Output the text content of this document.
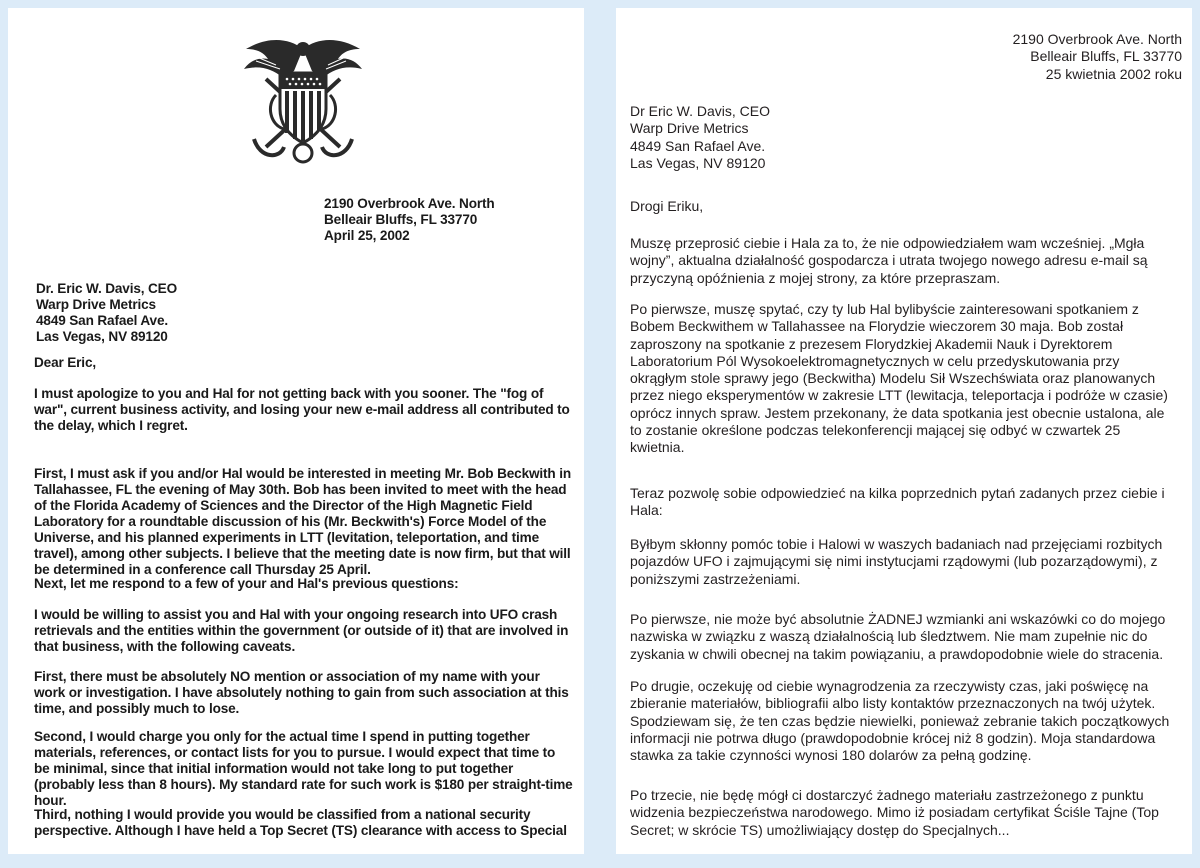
2190 Overbrook Ave. North
Belleair Bluffs, FL 33770
April 25, 2002
Dr. Eric W. Davis, CEO
Warp Drive Metrics
4849 San Rafael Ave.
Las Vegas, NV 89120

Dear Eric,

I must apologize to you and Hal for not getting back with you sooner. The "fog of war", current business activity, and losing your new e-mail address all contributed to the delay, which I regret.

First, I must ask if you and/or Hal would be interested in meeting Mr. Bob Beckwith in Tallahassee, FL the evening of May 30th. Bob has been invited to meet with the head of the Florida Academy of Sciences and the Director of the High Magnetic Field Laboratory for a roundtable discussion of his (Mr. Beckwith's) Force Model of the Universe, and his planned experiments in LTT (levitation, teleportation, and time travel), among other subjects. I believe that the meeting date is now firm, but that will be determined in a conference call Thursday 25 April.

Next, let me respond to a few of your and Hal's previous questions:

I would be willing to assist you and Hal with your ongoing research into UFO crash retrievals and the entities within the government (or outside of it) that are involved in that business, with the following caveats.

First, there must be absolutely NO mention or association of my name with your work or investigation. I have absolutely nothing to gain from such association at this time, and possibly much to lose.

Second, I would charge you only for the actual time I spend in putting together materials, references, or contact lists for you to pursue. I would expect that time to be minimal, since that initial information would not take long to put together (probably less than 8 hours). My standard rate for such work is $180 per straight-time hour.

Third, nothing I would provide you would be classified from a national security perspective. Although I have held a Top Secret (TS) clearance with access to Special

2190 Overbrook Ave. North
Belleair Bluffs, FL 33770
25 kwietnia 2002 roku
Dr Eric W. Davis, CEO
Warp Drive Metrics
4849 San Rafael Ave.
Las Vegas, NV 89120

Drogi Eriku,

Muszę przeprosić ciebie i Hala za to, że nie odpowiedziałem wam wcześniej. „Mgła wojny”, aktualna działalność gospodarcza i utrata twojego nowego adresu e-mail są przyczyną opóźnienia z mojej strony, za które przepraszam.

Po pierwsze, muszę spytać, czy ty lub Hal bylibyście zainteresowani spotkaniem z Bobem Beckwithem w Tallahassee na Florydzie wieczorem 30 maja. Bob został zaproszony na spotkanie z prezesem Florydzkiej Akademii Nauk i Dyrektorem Laboratorium Pól Wysokoelektromagnetycznych w celu przedyskutowania przy okrągłym stole sprawy jego (Beckwitha) Modelu Sił Wszechświata oraz planowanych przez niego eksperymentów w zakresie LTT (lewitacja, teleportacja i podróże w czasie) oprócz innych spraw. Jestem przekonany, że data spotkania jest obecnie ustalona, ale to zostanie określone podczas telekonferencji mającej się odbyć w czwartek 25 kwietnia.

Teraz pozwolę sobie odpowiedzieć na kilka poprzednich pytań zadanych przez ciebie i Hala:

Byłbym skłonny pomóc tobie i Halowi w waszych badaniach nad przejęciami rozbitych pojazdów UFO i zajmującymi się nimi instytucjami rządowymi (lub pozarządowymi), z poniższymi zastrzeżeniami.

Po pierwsze, nie może być absolutnie ŻADNEJ wzmianki ani wskazówki co do mojego nazwiska w związku z waszą działalnością lub śledztwem. Nie mam zupełnie nic do zyskania w chwili obecnej na takim powiązaniu, a prawdopodobnie wiele do stracenia.

Po drugie, oczekuję od ciebie wynagrodzenia za rzeczywisty czas, jaki poświęcę na zbieranie materiałów, bibliografii albo listy kontaktów przeznaczonych na twój użytek. Spodziewam się, że ten czas będzie niewielki, ponieważ zebranie takich początkowych informacji nie potrwa długo (prawdopodobnie krócej niż 8 godzin). Moja standardowa stawka za takie czynności wynosi 180 dolarów za pełną godzinę.

Po trzecie, nie będę mógł ci dostarczyć żadnego materiału zastrzeżonego z punktu widzenia bezpieczeństwa narodowego. Mimo iż posiadam certyfikat Ściśle Tajne (Top Secret; w skrócie TS) umożliwiający dostęp do Specjalnych...
